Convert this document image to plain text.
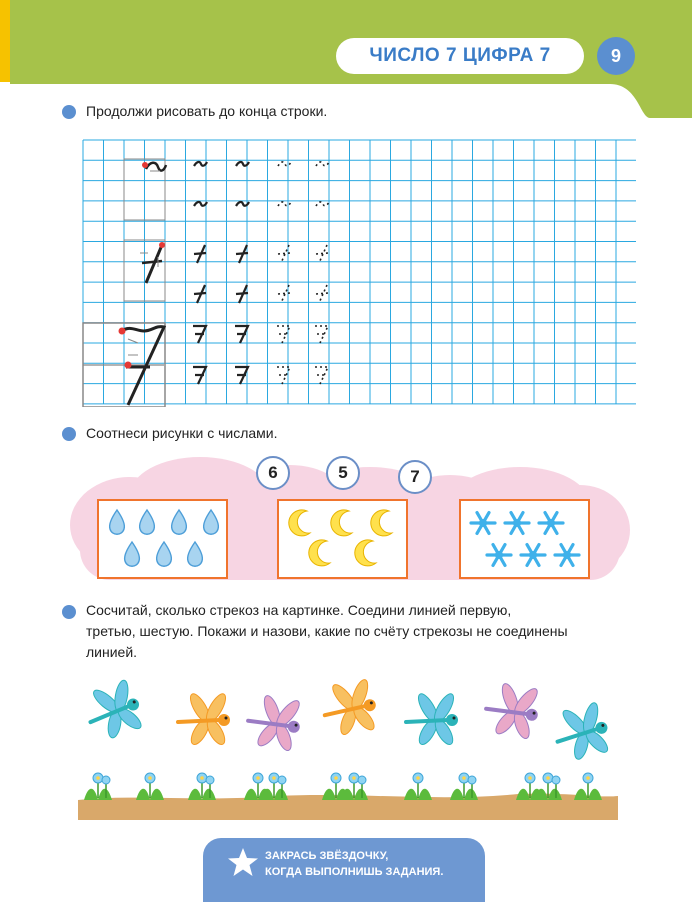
ЧИСЛО 7 ЦИФРА 7	9
Продолжи рисовать до конца строки.
Соотнеси рисунки с числами.
6	5	7
Сосчитай, сколько стрекоз на картинке. Соедини линией первую,
третью, шестую. Покажи и назови, какие по счёту стрекозы не соединены
линией.
ЗАКРАСЬ ЗВЁЗДОЧКУ,
КОГДА ВЫПОЛНИШЬ ЗАДАНИЯ.
